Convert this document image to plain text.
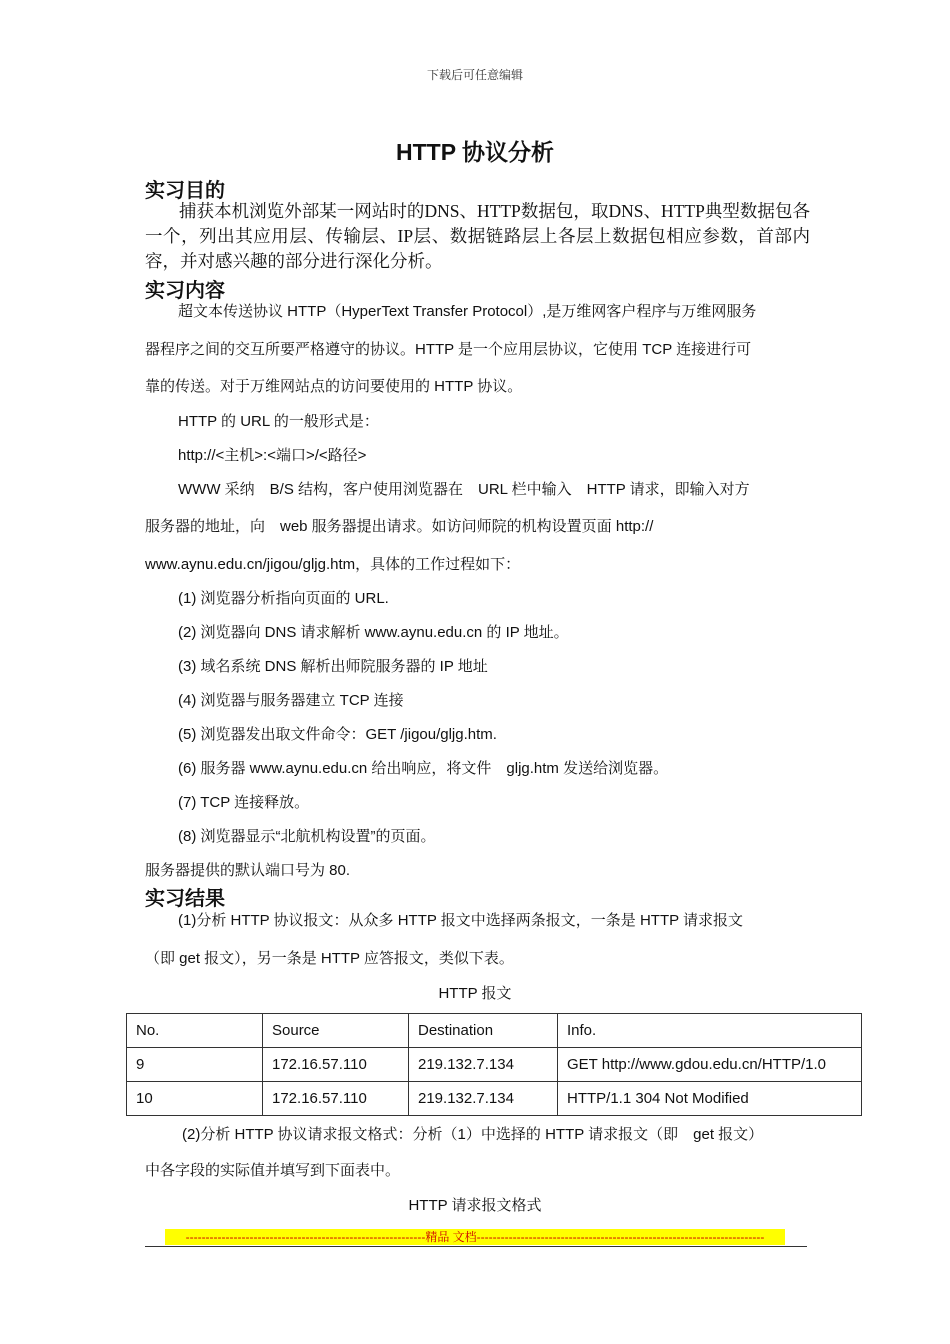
下载后可任意编辑
HTTP 协议分析
实习目的
捕获本机浏览外部某一网站时的DNS、HTTP数据包，取DNS、HTTP典型数据包各一个，列出其应用层、传输层、IP层、数据链路层上各层上数据包相应参数，首部内容，并对感兴趣的部分进行深化分析。
实习内容
超文本传送协议 HTTP（HyperText Transfer Protocol）,是万维网客户程序与万维网服务
器程序之间的交互所要严格遵守的协议。HTTP 是一个应用层协议，它使用 TCP 连接进行可
靠的传送。对于万维网站点的访问要使用的 HTTP 协议。
HTTP 的 URL 的一般形式是：
http://<主机>:<端口>/<路径>
WWW 采纳　B/S 结构，客户使用浏览器在　URL 栏中输入　HTTP 请求，即输入对方
服务器的地址，向　web 服务器提出请求。如访问师院的机构设置页面 http://
www.aynu.edu.cn/jigou/gljg.htm，具体的工作过程如下：
(1) 浏览器分析指向页面的 URL.
(2) 浏览器向 DNS 请求解析 www.aynu.edu.cn 的 IP 地址。
(3) 域名系统 DNS 解析出师院服务器的 IP 地址
(4) 浏览器与服务器建立 TCP 连接
(5) 浏览器发出取文件命令：GET /jigou/gljg.htm.
(6) 服务器 www.aynu.edu.cn 给出响应，将文件　gljg.htm 发送给浏览器。
(7) TCP 连接释放。
(8) 浏览器显示“北航机构设置”的页面。
服务器提供的默认端口号为 80.
实习结果
(1)分析 HTTP 协议报文：从众多 HTTP 报文中选择两条报文，一条是 HTTP 请求报文
（即 get 报文），另一条是 HTTP 应答报文，类似下表。
HTTP 报文
No.	Source	Destination	Info.
9	172.16.57.110	219.132.7.134	GET http://www.gdou.edu.cn/HTTP/1.0
10	172.16.57.110	219.132.7.134	HTTP/1.1 304 Not Modified
(2)分析 HTTP 协议请求报文格式：分析（1）中选择的 HTTP 请求报文（即　get 报文）
中各字段的实际值并填写到下面表中。
HTTP 请求报文格式
------------------------------------------------------------精品 文档------------------------------------------------------------------------
